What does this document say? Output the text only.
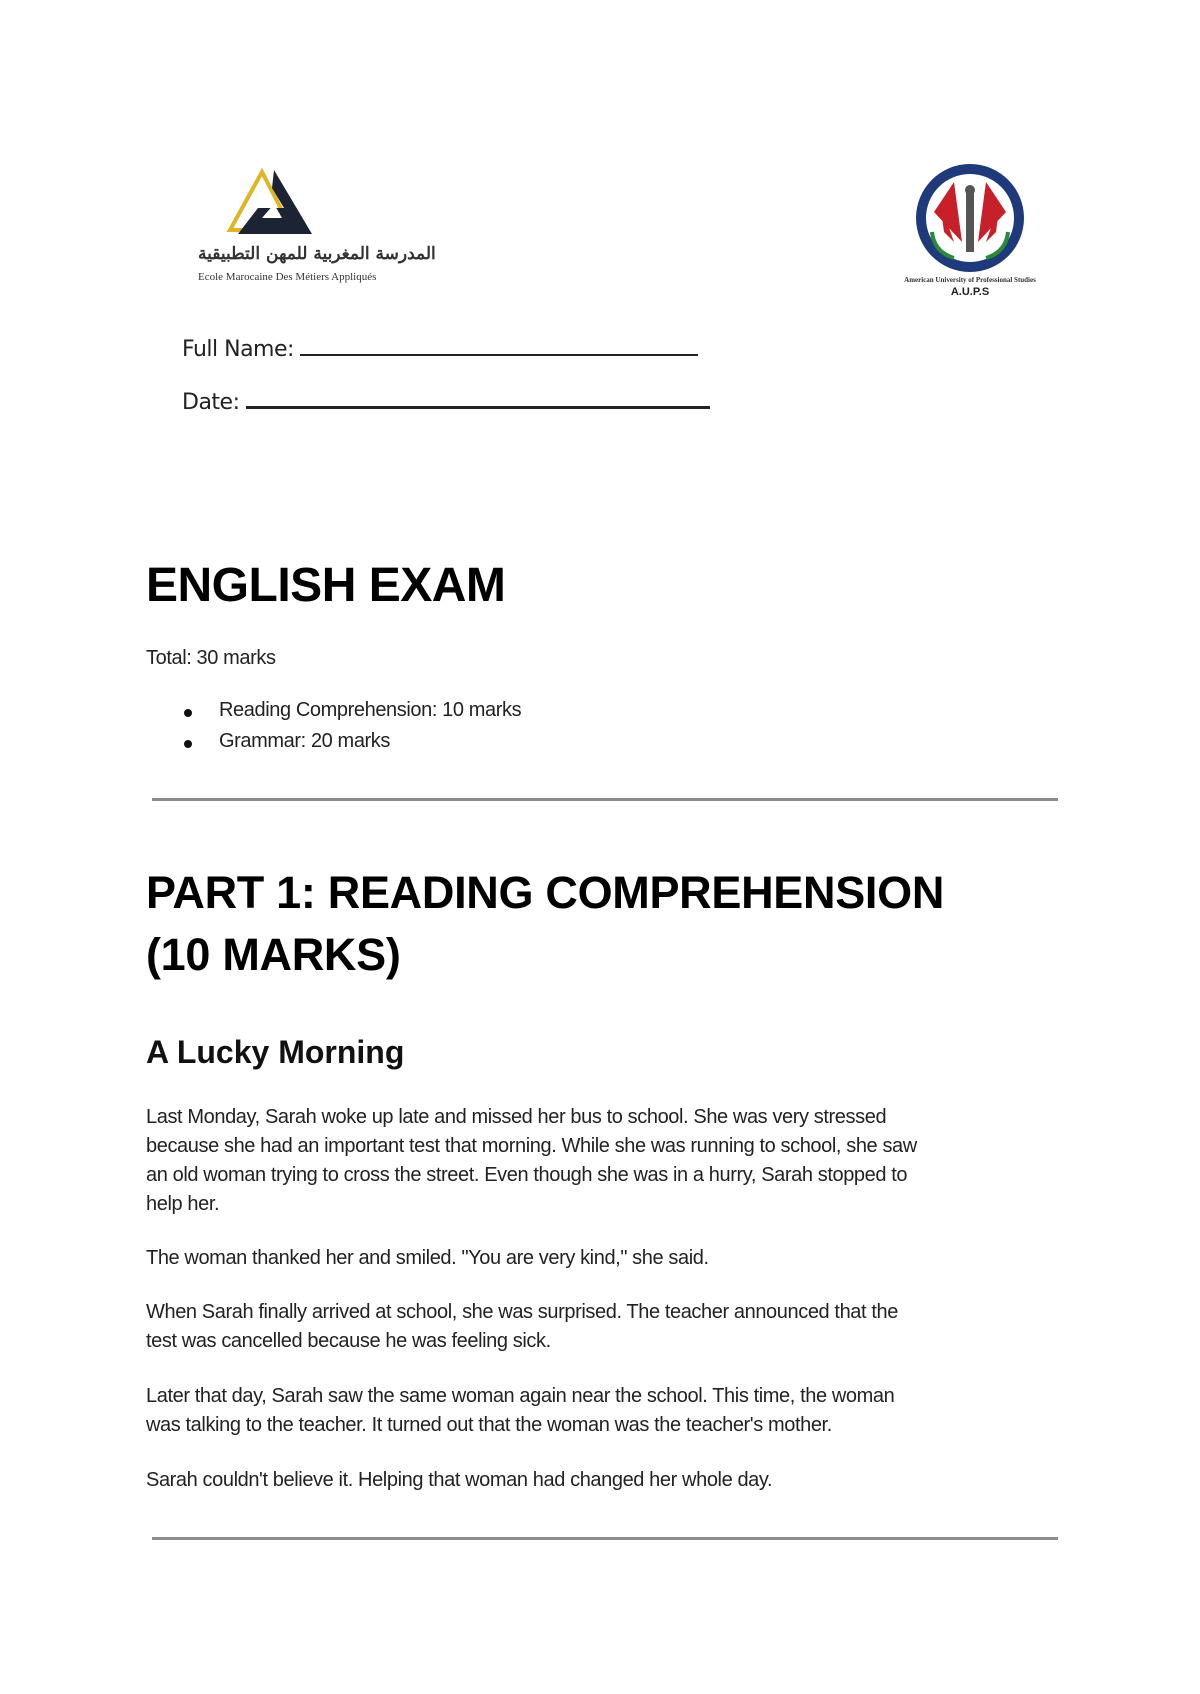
المدرسة المغربية للمهن التطبيقية
Ecole Marocaine Des Métiers Appliqués	American University of Professional Studies
A.U.P.S
Full Name:
Date:
ENGLISH EXAM
Total: 30 marks
Reading Comprehension: 10 marks
Grammar: 20 marks
PART 1: READING COMPREHENSION
(10 MARKS)
A Lucky Morning
Last Monday, Sarah woke up late and missed her bus to school. She was very stressed
because she had an important test that morning. While she was running to school, she saw
an old woman trying to cross the street. Even though she was in a hurry, Sarah stopped to
help her.
The woman thanked her and smiled. "You are very kind," she said.
When Sarah finally arrived at school, she was surprised. The teacher announced that the
test was cancelled because he was feeling sick.
Later that day, Sarah saw the same woman again near the school. This time, the woman
was talking to the teacher. It turned out that the woman was the teacher's mother.
Sarah couldn't believe it. Helping that woman had changed her whole day.
